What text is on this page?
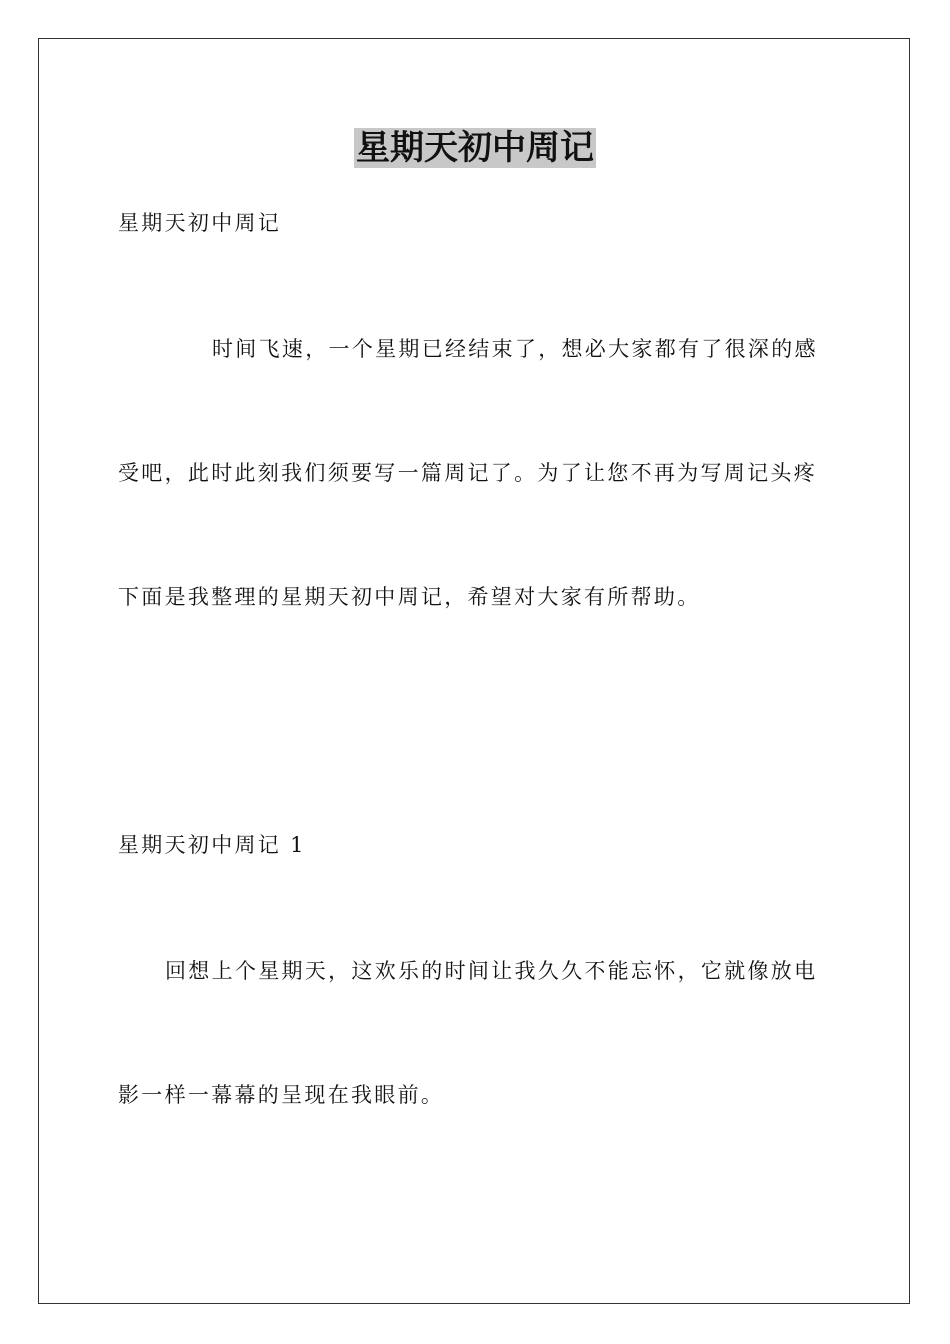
星期天初中周记
星期天初中周记
时间飞速，一个星期已经结束了，想必大家都有了很深的感
受吧，此时此刻我们须要写一篇周记了。为了让您不再为写周记头疼
下面是我整理的星期天初中周记，希望对大家有所帮助。
星期天初中周记 1
回想上个星期天，这欢乐的时间让我久久不能忘怀，它就像放电
影一样一幕幕的呈现在我眼前。
